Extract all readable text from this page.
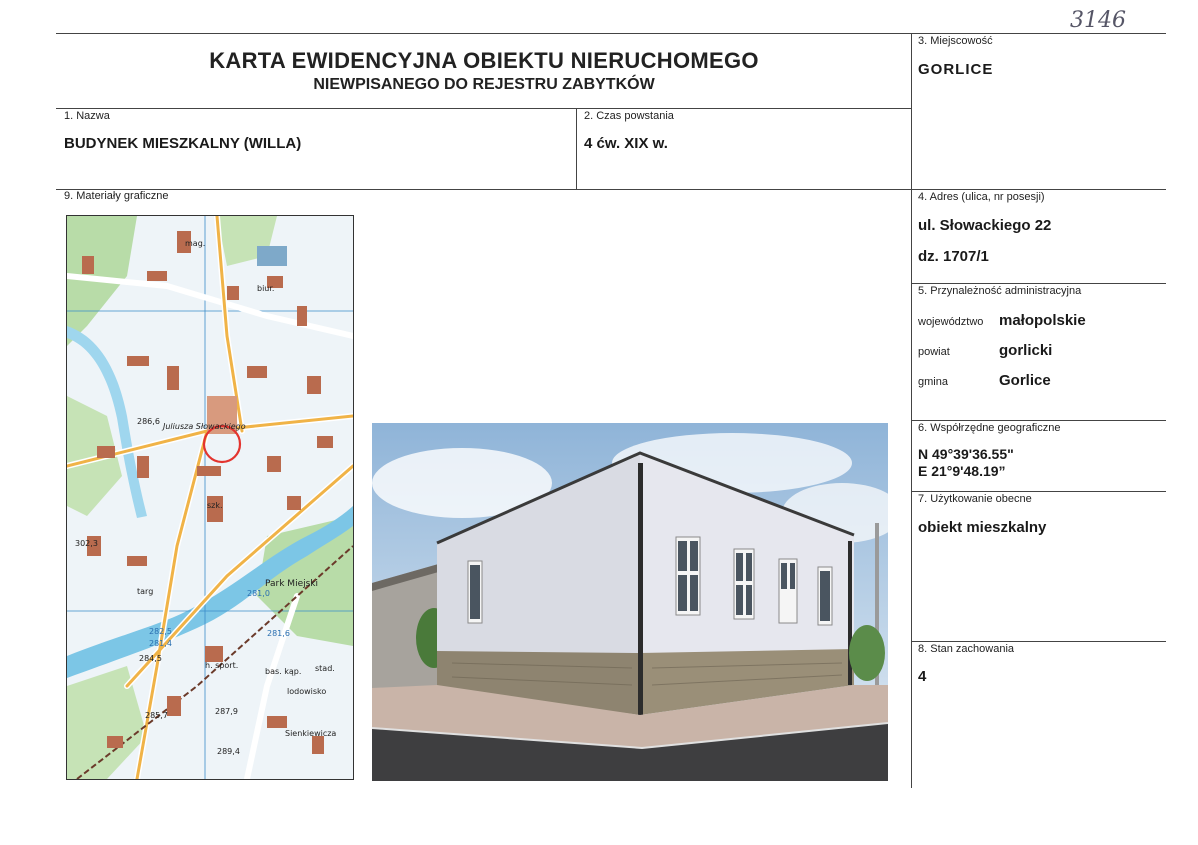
3146
KARTA EWIDENCYJNA OBIEKTU NIERUCHOMEGO
NIEWPISANEGO DO REJESTRU ZABYTKÓW
1. Nazwa
BUDYNEK MIESZKALNY (WILLA)
2. Czas powstania
4 ćw. XIX w.
3. Miejscowość
GORLICE
9. Materiały graficzne	4. Adres (ulica, nr posesji)
ul. Słowackiego 22
dz. 1707/1
5. Przynależność administracyjna
województwo małopolskie
powiat	gorlicki
gmina	Gorlice
6. Współrzędne geograficzne
N 49°39'36.55"
E 21°9'48.19”
7. Użytkowanie obecne
obiekt mieszkalny
8. Stan zachowania
4
Park Miejski
Juliusza Słowackiego
Sienkiewicza
targ
szk.
biur.
mag.
stad.
lodowisko
h. sport.
bas. kąp.
286,6
281,0
285,7	287,9
289,4
282,5
281,4
284,5
281,6
302,3
